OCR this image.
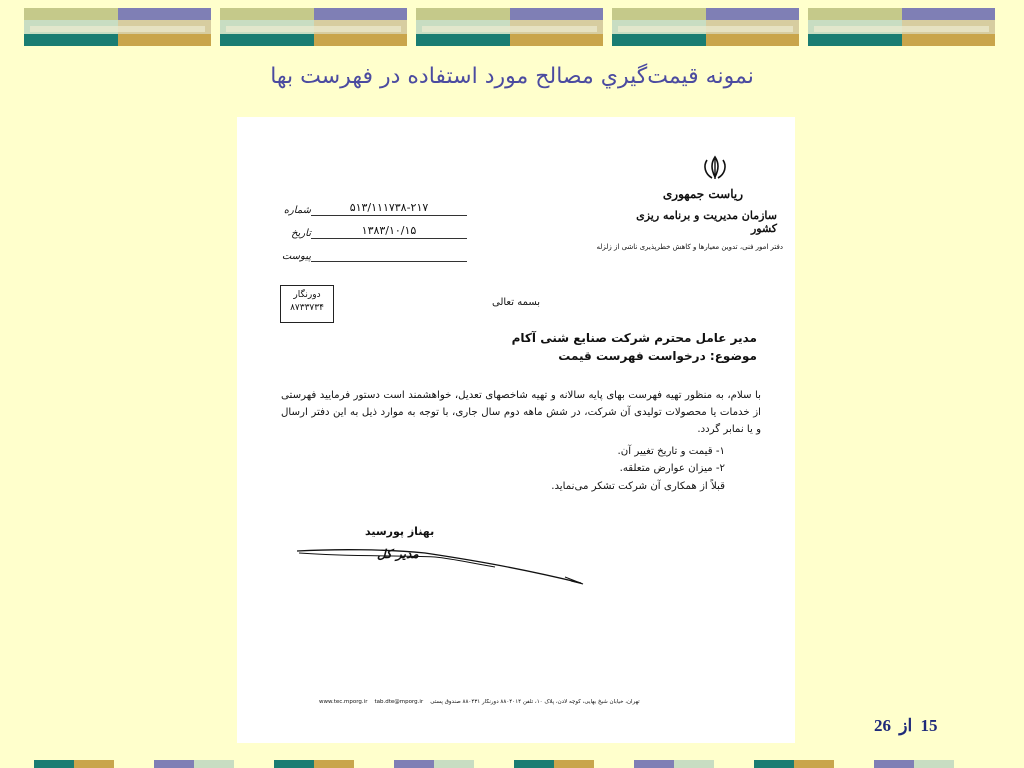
نمونه قیمت‌گیري مصالح مورد استفاده در فهرست بها
ریاست جمهوری
سازمان مدیریت و برنامه ریزی کشور
دفتر امور فنی، تدوین معیارها و کاهش خطرپذیری ناشی از زلزله
۵۱۳/۱۱۱۷۳۸-۲۱۷
شماره
۱۳۸۳/۱۰/۱۵
تاریخ
پیوست
دورنگار
۸۷۳۳۷۳۴	بسمه تعالی
مدیر عامل محترم شرکت صنایع شنی آکام
موضوع: درخواست فهرست قیمت
با سلام، به منظور تهیه فهرست بهای پایه سالانه و تهیه شاخصهای تعدیل، خواهشمند است دستور فرمایید فهرستی از خدمات یا محصولات تولیدی آن شرکت، در شش ماهه دوم سال جاری، با توجه به موارد ذیل به این دفتر ارسال و یا نمابر گردد.
۱- قیمت و تاریخ تغییر آن.
۲- میزان عوارض متعلقه.
قبلاً از همکاری آن شرکت تشکر می‌نماید.
بهناز پورسید
مدیر کل
www.tec.mporg.ir tab.dte@mporg.ir تهران، خیابان شیخ بهایی، کوچه لادن، پلاک ۱۰، تلفن ۸۸۰۴۰۱۴ دورنگار ۸۸۰۴۳۱ صندوق پستی
15 از 26
